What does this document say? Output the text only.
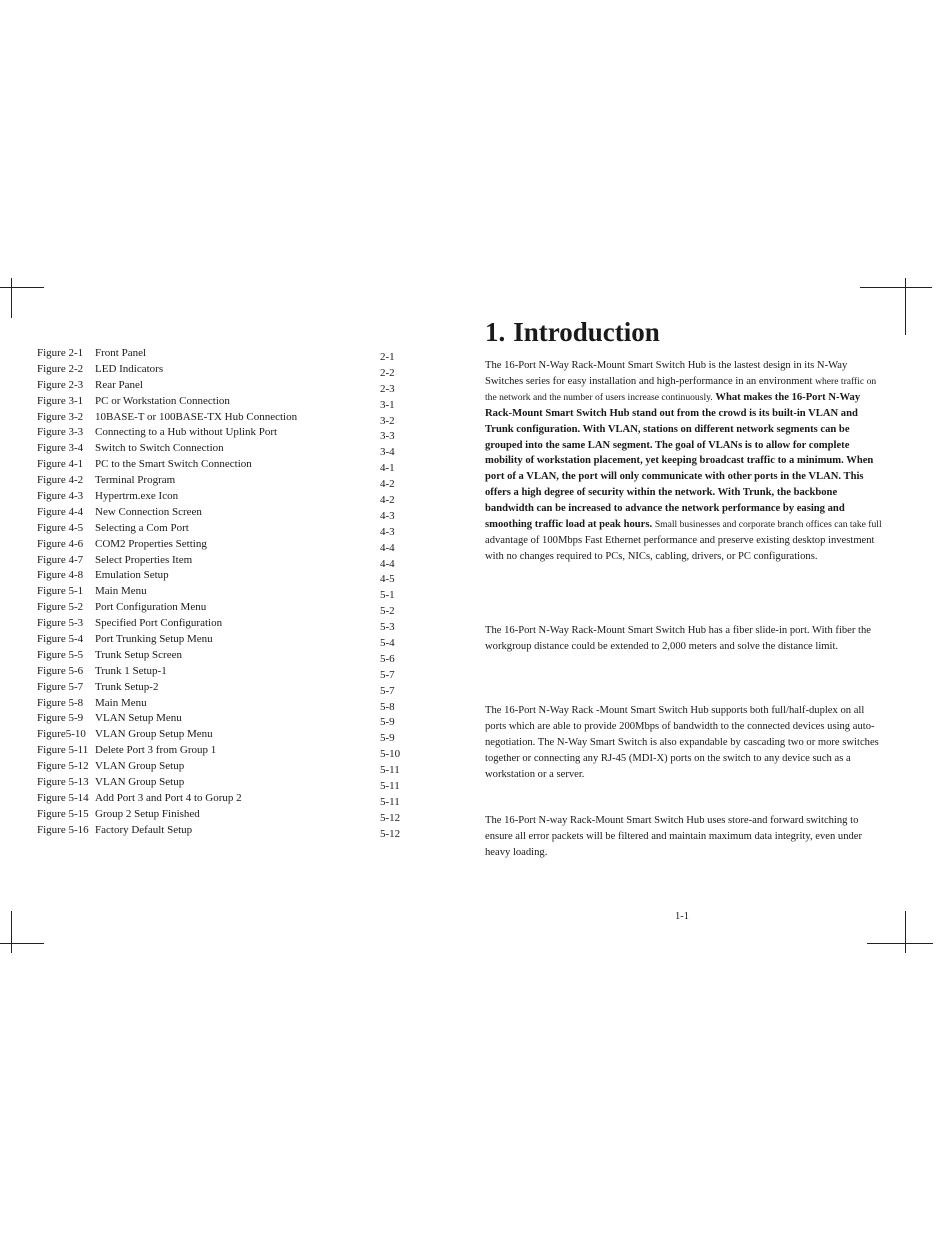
Figure 2-1 Front Panel	2-1
Figure 2-2 LED Indicators	2-2
Figure 2-3 Rear Panel	2-3
Figure 3-1 PC or Workstation Connection	3-1
Figure 3-2 10BASE-T or 100BASE-TX Hub Connection	3-2
Figure 3-3 Connecting to a Hub without Uplink Port	3-3
Figure 3-4 Switch to Switch Connection	3-4
Figure 4-1 PC to the Smart Switch Connection	4-1
Figure 4-2 Terminal Program	4-2
Figure 4-3 Hypertrm.exe Icon	4-2
Figure 4-4 New Connection Screen	4-3
Figure 4-5 Selecting a Com Port	4-3
Figure 4-6 COM2 Properties Setting	4-4
Figure 4-7 Select Properties Item	4-4
Figure 4-8 Emulation Setup	4-5
Figure 5-1 Main Menu	5-1
Figure 5-2 Port Configuration Menu	5-2
Figure 5-3 Specified Port Configuration	5-3
Figure 5-4 Port Trunking Setup Menu	5-4
Figure 5-5 Trunk Setup Screen	5-6
Figure 5-6 Trunk 1 Setup-1	5-7
Figure 5-7 Trunk Setup-2	5-7
Figure 5-8 Main Menu	5-8
Figure 5-9 VLAN Setup Menu	5-9
Figure5-10 VLAN Group Setup Menu	5-9
Figure 5-11 Delete Port 3 from Group 1	5-10
Figure 5-12 VLAN Group Setup	5-11
Figure 5-13 VLAN Group Setup	5-11
Figure 5-14 Add Port 3 and Port 4 to Gorup 2	5-11
Figure 5-15 Group 2 Setup Finished	5-12
Figure 5-16 Factory Default Setup	5-12
1. Introduction

The 16-Port N-Way Rack-Mount Smart Switch Hub is the lastest design in its N-Way Switches series for easy installation and high-performance in an environment where traffic on the network and the number of users increase continuously. What makes the 16-Port N-Way Rack-Mount Smart Switch Hub stand out from the crowd is its built-in VLAN and Trunk configuration. With VLAN, stations on different network segments can be grouped into the same LAN segment. The goal of VLANs is to allow for complete mobility of workstation placement, yet keeping broadcast traffic to a minimum. When port of a VLAN, the port will only communicate with other ports in the VLAN. This offers a high degree of security within the network. With Trunk, the backbone bandwidth can be increased to advance the network performance by easing and smoothing traffic load at peak hours. Small businesses and corporate branch offices can take full advantage of 100Mbps Fast Ethernet performance and preserve existing desktop investment with no changes required to PCs, NICs, cabling, drivers, or PC configurations.

The 16-Port N-Way Rack-Mount Smart Switch Hub has a fiber slide-in port. With fiber the workgroup distance could be extended to 2,000 meters and solve the distance limit.

The 16-Port N-Way Rack -Mount Smart Switch Hub supports both full/half-duplex on all ports which are able to provide 200Mbps of bandwidth to the connected devices using auto-negotiation. The N-Way Smart Switch is also expandable by cascading two or more switches together or connecting any RJ-45 (MDI-X) ports on the switch to any device such as a workstation or a server.

The 16-Port N-way Rack-Mount Smart Switch Hub uses store-and forward switching to ensure all error packets will be filtered and maintain maximum data integrity, even under heavy loading.

1-1
